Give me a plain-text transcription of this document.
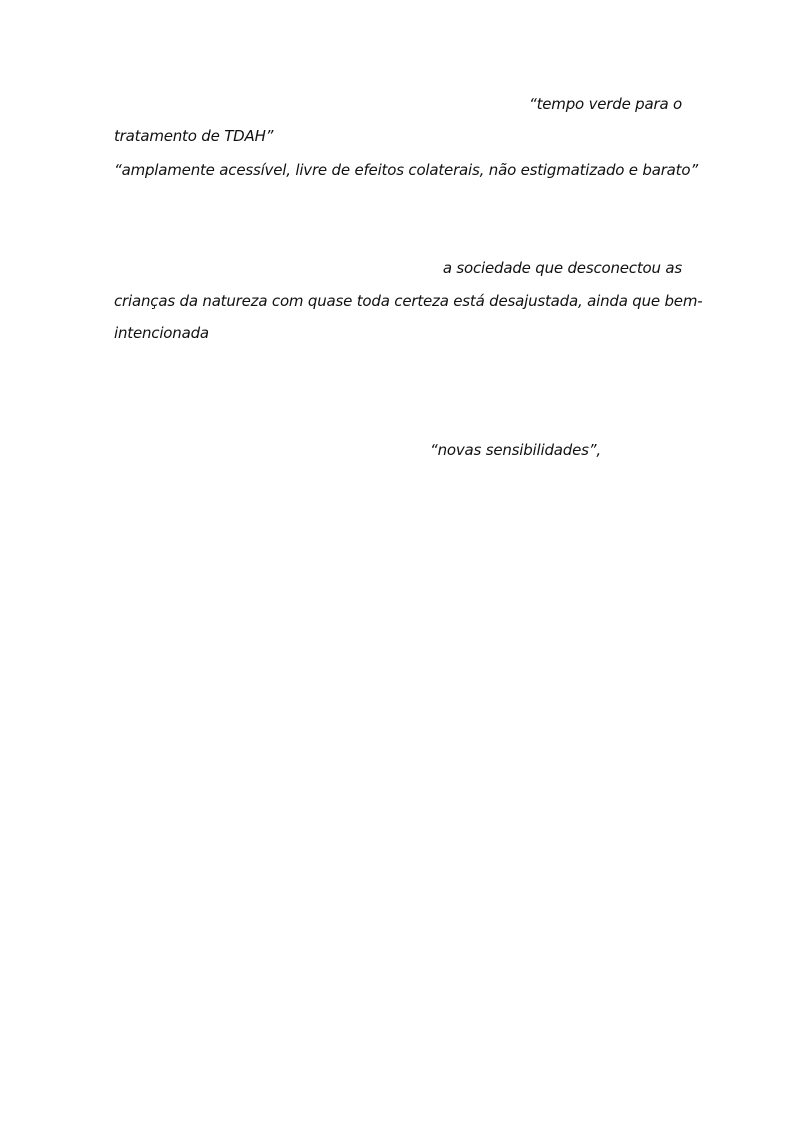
“tempo verde para o
tratamento de TDAH”
“amplamente acessível, livre de efeitos colaterais, não estigmatizado e barato”
a sociedade que desconectou as
crianças da natureza com quase toda certeza está desajustada, ainda que bem-
intencionada
“novas sensibilidades”,
